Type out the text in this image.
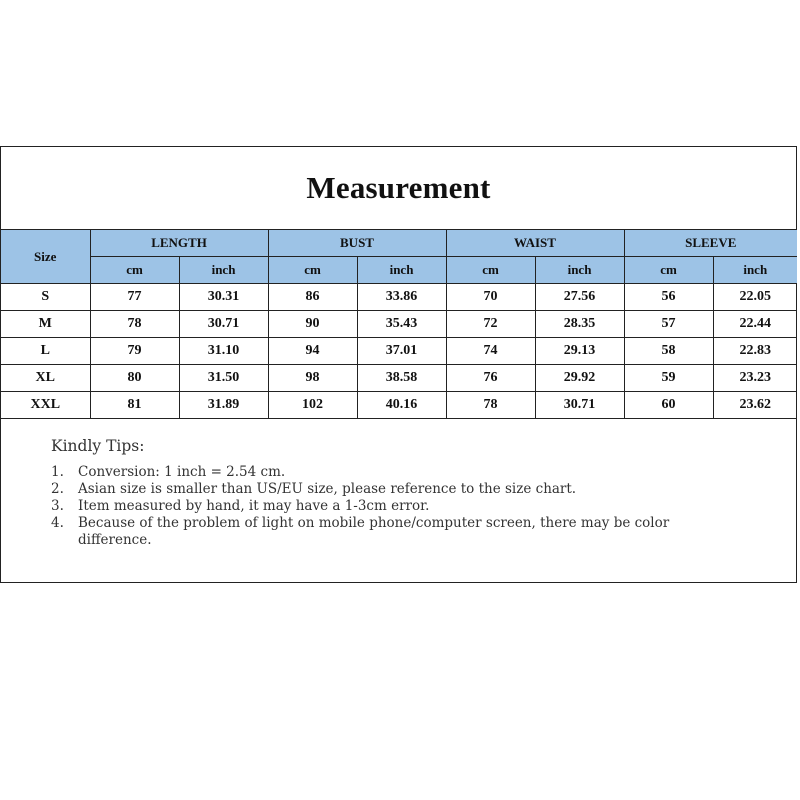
Measurement
Size	LENGTH		BUST		WAIST		SLEEVE	
	cm	inch	cm	inch	cm	inch	cm	inch
S	77	30.31	86	33.86	70	27.56	56	22.05
M	78	30.71	90	35.43	72	28.35	57	22.44
L	79	31.10	94	37.01	74	29.13	58	22.83
XL	80	31.50	98	38.58	76	29.92	59	23.23
XXL	81	31.89	102	40.16	78	30.71	60	23.62
Kindly Tips:
1.	Conversion: 1 inch = 2.54 cm.
2.	Asian size is smaller than US/EU size, please reference to the size chart.
3.	Item measured by hand, it may have a 1-3cm error.
4.	Because of the problem of light on mobile phone/computer screen, there may be color difference.
